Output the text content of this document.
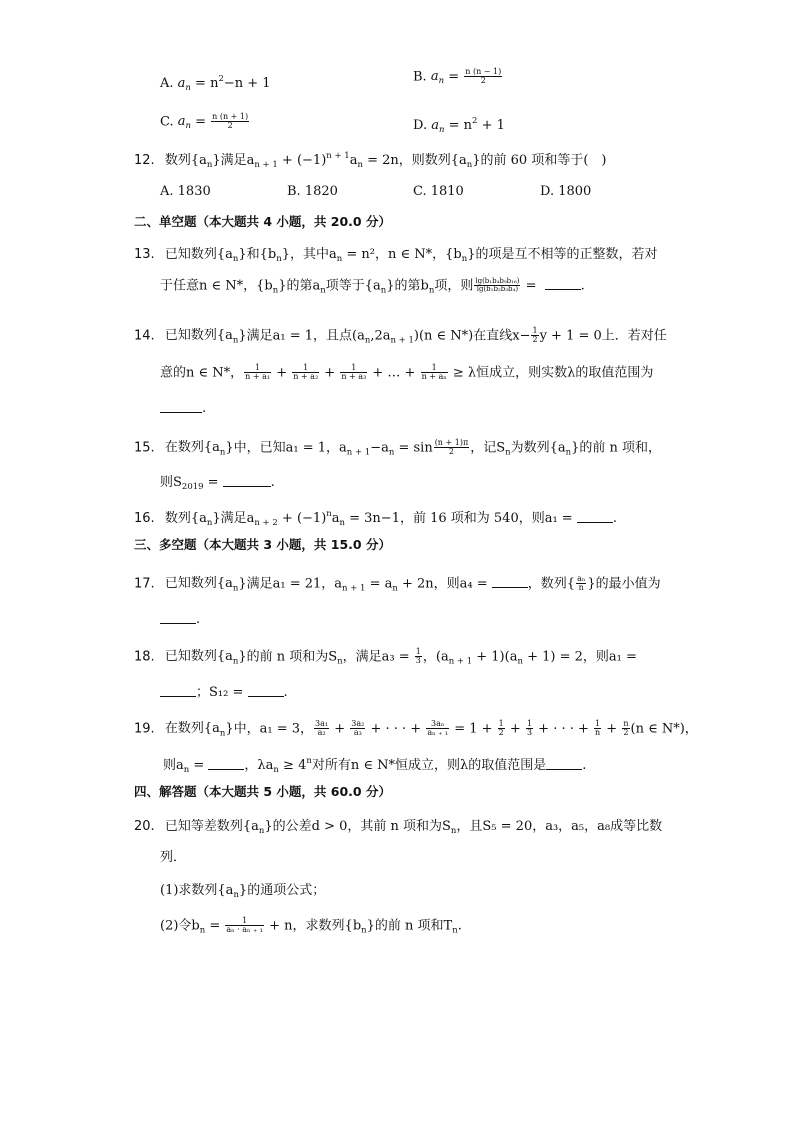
A. $a_n = n^2-n + 1$	B. $a_n = \frac{n (n - 1)}{2}$
C. $a_n = \frac{n (n + 1)}{2}$	D. $a_n = n^2 + 1$
12. 数列$\{a_n\}$满足$a_{n + 1} + (-1)^{n + 1}a_n = 2n$，则数列$\{a_n\}$的前 60 项和等于(　)
A. 1830	B. 1820	C. 1810	D. 1800
二、单空题（本大题共 4 小题，共 20.0 分）
13. 已知数列$\{a_n\}$和$\{b_n\}$，其中$a_n = n^2$，n ∈ N*，$\{b_n\}$的项是互不相等的正整数，若对
于任意n ∈ N*，$\{b_n\}$的第$a_n$项等于$\{a_n\}$的第$b_n$项，则 $\frac{\text{lg(b₁b₄b₉b₁₆)}}{\text{lg(b₁b₂b₃b₄)}}$ =	.
14. 已知数列$\{a_n\}$满足a₁ = 1，且点$(a_n,2a_{n + 1})(n$ ∈ N*)在直线$x- \frac{1}{2}$ y + 1 = 0上．若对任
意的n ∈ N*， $\frac{1}{\text{n + a₁}} + \frac{1}{\text{n + a₂}} + \frac{1}{\text{n + a₃}}$ + … + $\frac{1}{\text{n + aₙ}} \ge \lambda$恒成立，则实数λ的取值范围为
.
15. 在数列$\{a_n\}$中，已知a₁ = 1，$a_{n + 1}-a_n = \sin \frac{(n + 1)\pi}{2}$ ，记$S_n$为数列$\{a_n\}$的前 n 项和，
则$S_{2019}$ =	.
16. 数列$\{a_n\}$满足$a_{n + 2} + (-1)^na_n = 3n-1$，前 16 项和为 540，则a₁ =	.
三、多空题（本大题共 3 小题，共 15.0 分）
17. 已知数列$\{a_n\}$满足a₁ = 21，$a_{n + 1} = a_n + 2n$，则a₄ =	，数列{ $\frac{\text{aₙ}}{n}$ }的最小值为
.
18. 已知数列$\{a_n\}$的前 n 项和为$S_n$，满足$a_3 = \frac{1}{3}$ ，$(a_{n + 1} + 1)(a_n + 1) = 2$，则a₁ =
；S₁₂ =	.
19. 在数列$\{a_n\}$中，a₁ = 3， $\frac{\text{3a₁}}{\text{a₂}} + \frac{\text{3a₂}}{\text{a₃}}$ + · · · + $\frac{\text{3aₙ}}{\text{aₙ ₊ ₁}} = 1 + \frac{1}{2} + \frac{1}{3}$ + · · · + $\frac{1}{n} + \frac{n}{2} (n$ ∈ N*)，
则$a_n$ =	，$\lambda a_n \ge 4^n$对所有n ∈ N*恒成立，则λ的取值范围是	.
四、解答题（本大题共 5 小题，共 60.0 分）
20. 已知等差数列$\{a_n\}$的公差d > 0，其前 n 项和为$S_n$，且S₅ = 20，a₃，a₅，a₈成等比数
列．
(1)求数列$\{a_n\}$的通项公式；
(2)令$b_n = \frac{1}{\text{aₙ · aₙ ₊ ₁}} + n$，求数列$\{b_n\}$的前 n 项和$T_n$.
